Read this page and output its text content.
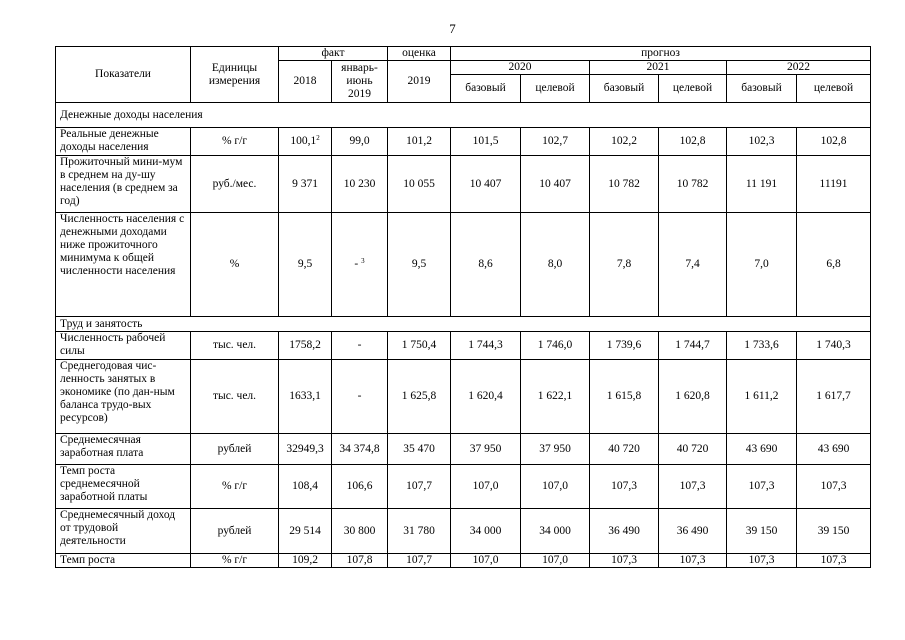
7
Показатели	Единицы измерения	факт		оценка	прогноз					
		2018	январь-июнь 2019	2019	2020		2021		2022	
					базовый	целевой	базовый	целевой	базовый	целевой
Денежные доходы населения										
Реальные денежные доходы населения	% г/г	100,1$^2$	99,0	101,2	101,5	102,7	102,2	102,8	102,3	102,8
Прожиточный мини-мум в среднем на ду-шу населения (в среднем за год)	руб./мес.	9 371	10 230	10 055	10 407	10 407	10 782	10 782	11 191	11191
Численность населения с денежными доходами ниже прожиточного минимума к общей численности населения	%	9,5	- $^3$	9,5	8,6	8,0	7,8	7,4	7,0	6,8
Труд и занятость										
Численность рабочей силы	тыс. чел.	1758,2	-	1 750,4	1 744,3	1 746,0	1 739,6	1 744,7	1 733,6	1 740,3
Среднегодовая чис-ленность занятых в экономике (по дан-ным баланса трудо-вых ресурсов)	тыс. чел.	1633,1	-	1 625,8	1 620,4	1 622,1	1 615,8	1 620,8	1 611,2	1 617,7
Среднемесячная заработная плата	рублей	32949,3	34 374,8	35 470	37 950	37 950	40 720	40 720	43 690	43 690
Темп роста среднемесячной заработной платы	% г/г	108,4	106,6	107,7	107,0	107,0	107,3	107,3	107,3	107,3
Среднемесячный доход от трудовой деятельности	рублей	29 514	30 800	31 780	34 000	34 000	36 490	36 490	39 150	39 150
Темп роста	% г/г	109,2	107,8	107,7	107,0	107,0	107,3	107,3	107,3	107,3
